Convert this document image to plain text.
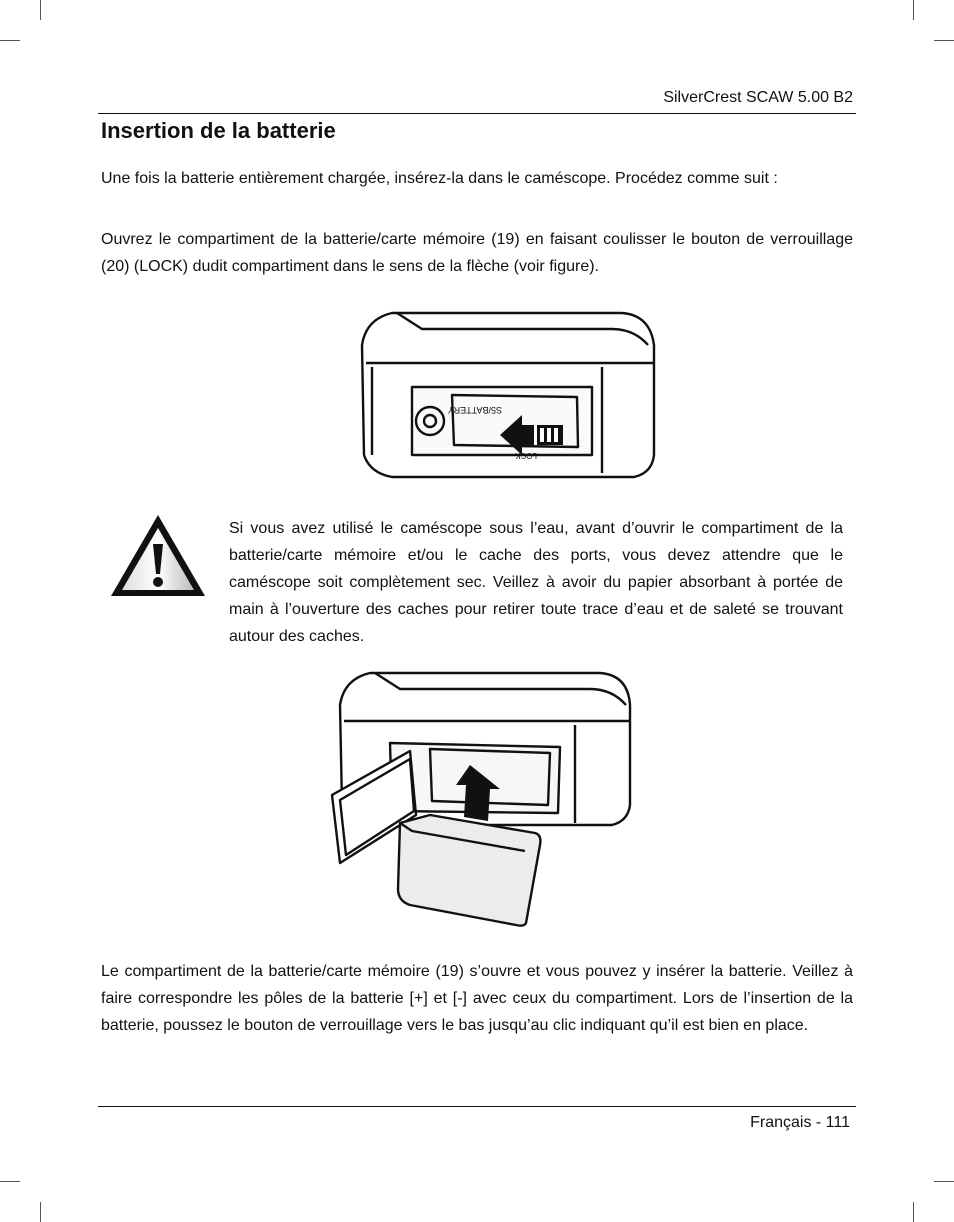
SilverCrest SCAW 5.00 B2
Insertion de la batterie

Une fois la batterie entièrement chargée, insérez-la dans le caméscope. Procédez comme suit :

Ouvrez le compartiment de la batterie/carte mémoire (19) en faisant coulisser le bouton de verrouillage (20) (LOCK) dudit compartiment dans le sens de la flèche (voir figure).

S5/BATTERY
LOCK

Si vous avez utilisé le caméscope sous l’eau, avant d’ouvrir le compartiment de la batterie/carte mémoire et/ou le cache des ports, vous devez attendre que le caméscope soit complètement sec. Veillez à avoir du papier absorbant à portée de main à l’ouverture des caches pour retirer toute trace d’eau et de saleté se trouvant autour des caches.

Le compartiment de la batterie/carte mémoire (19) s’ouvre et vous pouvez y insérer la batterie. Veillez à faire correspondre les pôles de la batterie [+] et [-] avec ceux du compartiment. Lors de l’insertion de la batterie, poussez le bouton de verrouillage vers le bas jusqu’au clic indiquant qu’il est bien en place.

Français - 111
